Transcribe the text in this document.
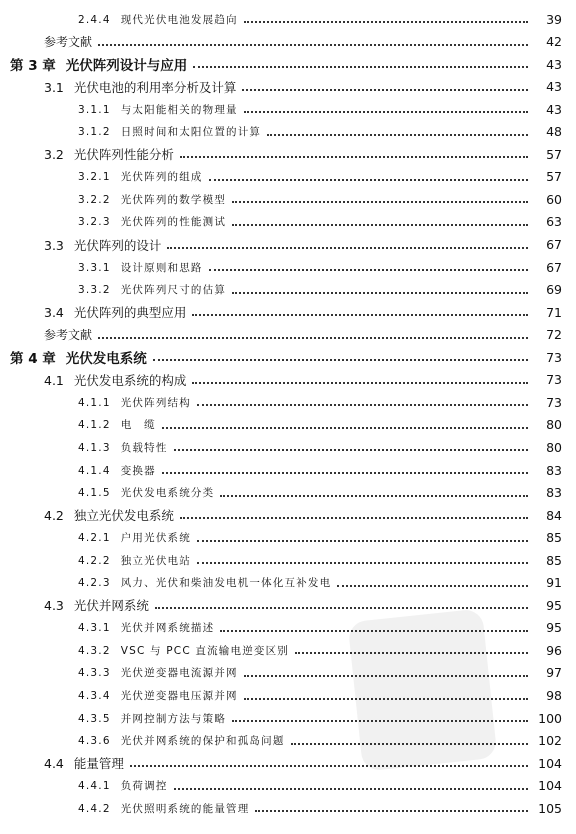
2.4.4 现代光伏电池发展趋向	39
参考文献	42
第 3 章 光伏阵列设计与应用	43
3.1 光伏电池的利用率分析及计算	43
3.1.1 与太阳能相关的物理量	43
3.1.2 日照时间和太阳位置的计算	48
3.2 光伏阵列性能分析	57
3.2.1 光伏阵列的组成	57
3.2.2 光伏阵列的数学模型	60
3.2.3 光伏阵列的性能测试	63
3.3 光伏阵列的设计	67
3.3.1 设计原则和思路	67
3.3.2 光伏阵列尺寸的估算	69
3.4 光伏阵列的典型应用	71
参考文献	72
第 4 章 光伏发电系统	73
4.1 光伏发电系统的构成	73
4.1.1 光伏阵列结构	73
4.1.2 电　缆	80
4.1.3 负载特性	80
4.1.4 变换器	83
4.1.5 光伏发电系统分类	83
4.2 独立光伏发电系统	84
4.2.1 户用光伏系统	85
4.2.2 独立光伏电站	85
4.2.3 风力、光伏和柴油发电机一体化互补发电	91
4.3 光伏并网系统	95
4.3.1 光伏并网系统描述	95
4.3.2 VSC 与 PCC 直流输电逆变区别	96
4.3.3 光伏逆变器电流源并网	97
4.3.4 光伏逆变器电压源并网	98
4.3.5 并网控制方法与策略	100
4.3.6 光伏并网系统的保护和孤岛问题	102
4.4 能量管理	104
4.4.1 负荷调控	104
4.4.2 光伏照明系统的能量管理	105
